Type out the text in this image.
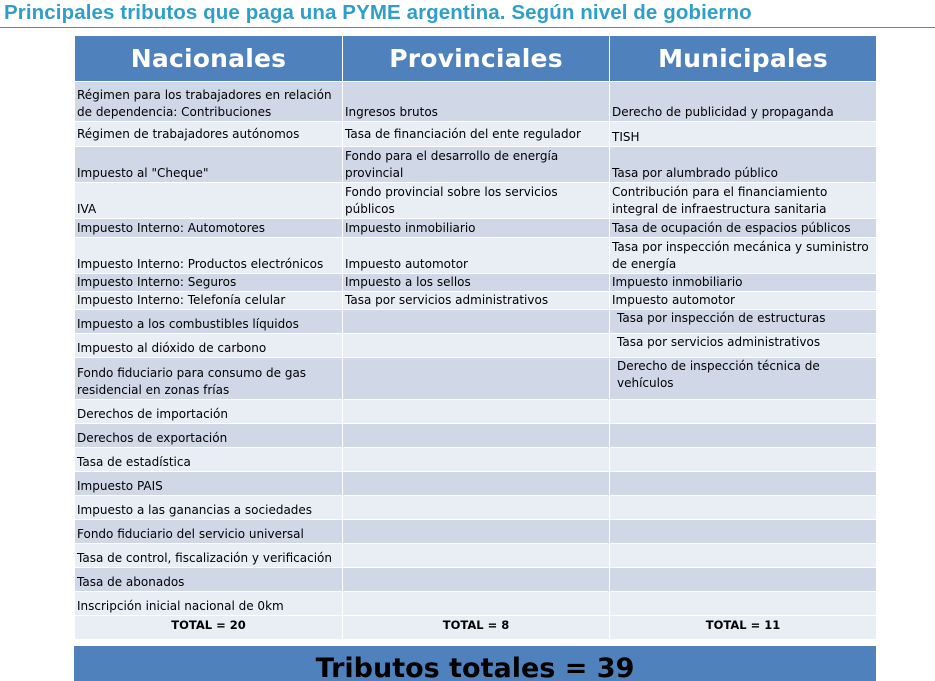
Principales tributos que paga una PYME argentina. Según nivel de gobierno
Nacionales	Provinciales	Municipales
Régimen para los trabajadores en relación de dependencia: Contribuciones	Ingresos brutos	Derecho de publicidad y propaganda
Régimen de trabajadores autónomos	Tasa de financiación del ente regulador	TISH
Impuesto al "Cheque"	Fondo para el desarrollo de energía provincial	Tasa por alumbrado público
IVA	Fondo provincial sobre los servicios públicos	Contribución para el financiamiento integral de infraestructura sanitaria
Impuesto Interno: Automotores	Impuesto inmobiliario	Tasa de ocupación de espacios públicos
Impuesto Interno: Productos electrónicos	Impuesto automotor	Tasa por inspección mecánica y suministro de energía
Impuesto Interno: Seguros	Impuesto a los sellos	Impuesto inmobiliario
Impuesto Interno: Telefonía celular	Tasa por servicios administrativos	Impuesto automotor
Impuesto a los combustibles líquidos		Tasa por inspección de estructuras
Impuesto al dióxido de carbono		Tasa por servicios administrativos
Fondo fiduciario para consumo de gas residencial en zonas frías		Derecho de inspección técnica de vehículos
Derechos de importación		
Derechos de exportación		
Tasa de estadística		
Impuesto PAIS		
Impuesto a las ganancias a sociedades		
Fondo fiduciario del servicio universal		
Tasa de control, fiscalización y verificación		
Tasa de abonados		
Inscripción inicial nacional de 0km		
TOTAL = 20	TOTAL = 8	TOTAL = 11
Tributos totales = 39
